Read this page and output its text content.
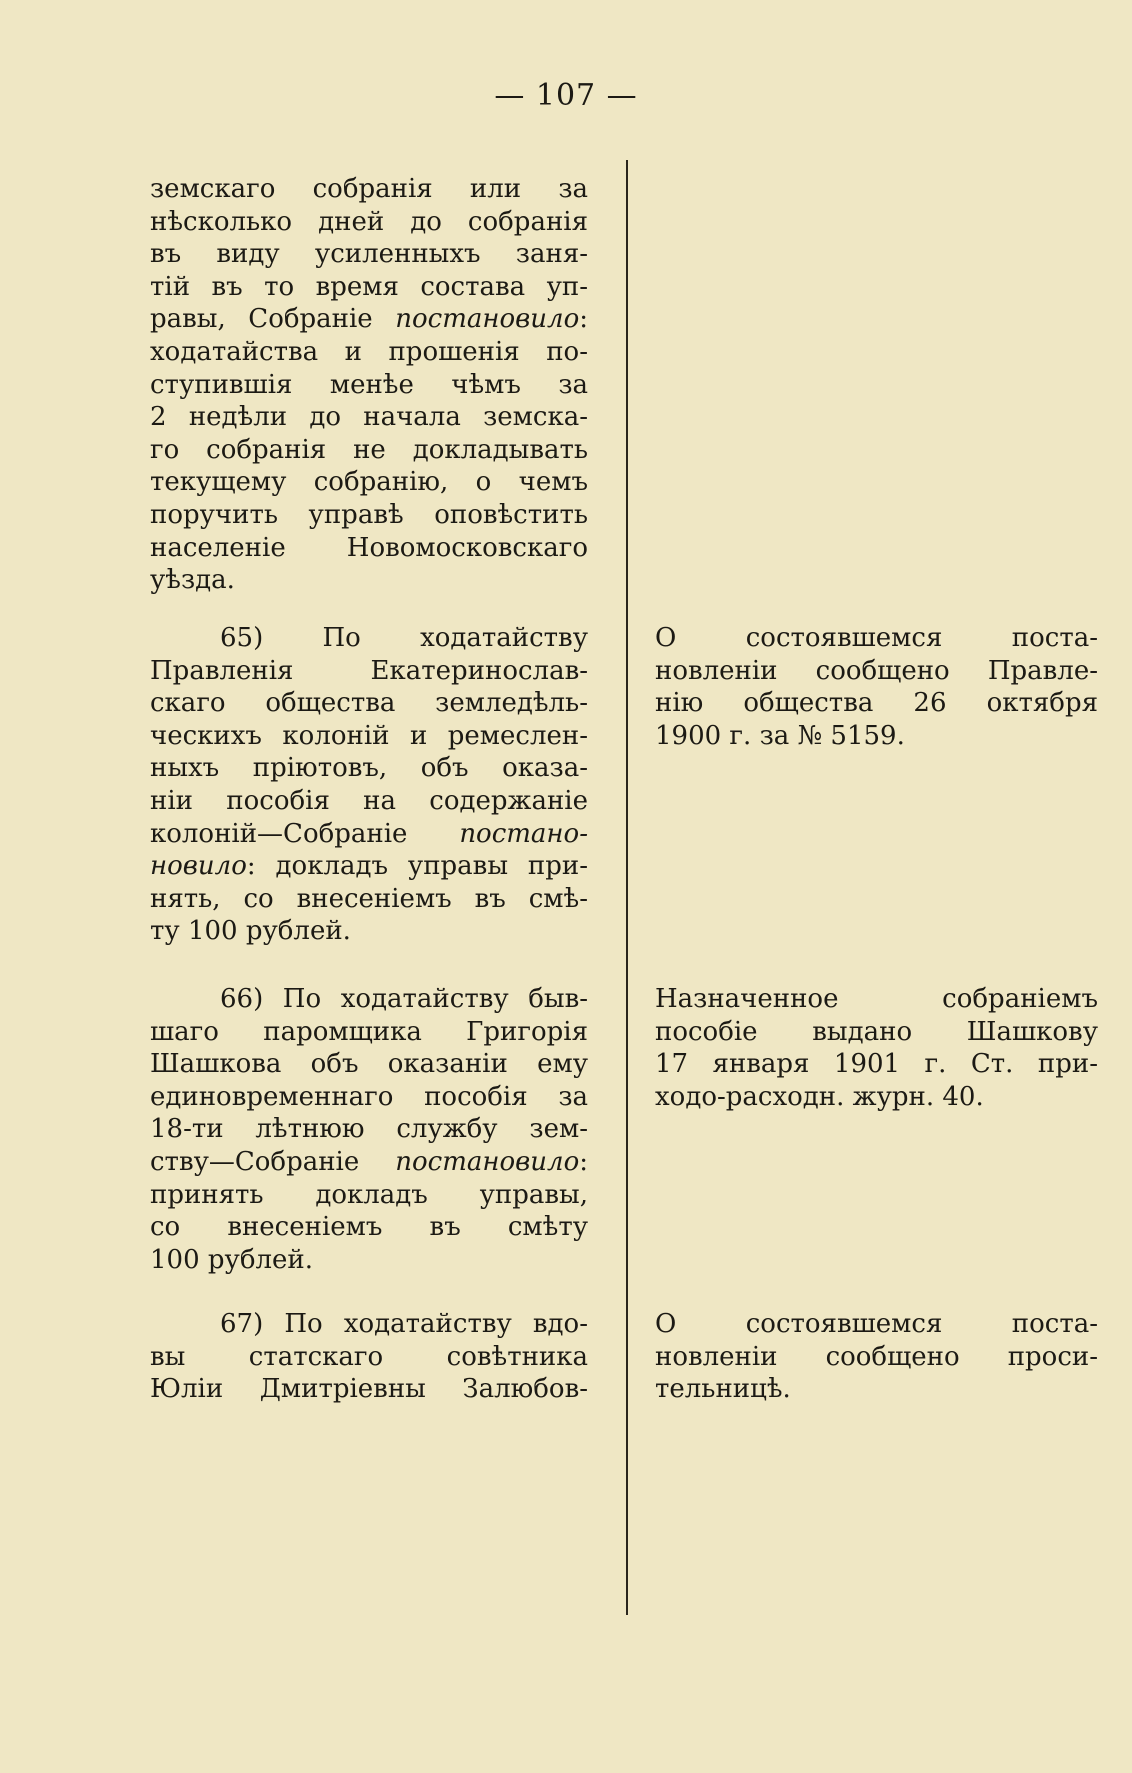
— 107 —
земскаго собранія или за
нѣсколько дней до собранія
въ виду усиленныхъ заня-
тій въ то время состава уп-
равы, Собраніе постановило:
ходатайства и прошенія по-
ступившія менѣе чѣмъ за
2 недѣли до начала земска-
го собранія не докладывать
текущему собранію, о чемъ
поручить управѣ оповѣстить
населеніе Новомосковскаго
уѣзда.
65) По ходатайству
Правленія Екатеринослав-
скаго общества земледѣль-
ческихъ колоній и ремеслен-
ныхъ пріютовъ, объ оказа-
ніи пособія на содержаніе
колоній—Собраніе постано-
новило: докладъ управы при-
нять, со внесеніемъ въ смѣ-
ту 100 рублей.
66) По ходатайству быв-
шаго паромщика Григорія
Шашкова объ оказаніи ему
единовременнаго пособія за
18-ти лѣтнюю службу зем-
ству—Собраніе постановило:
принять докладъ управы,
со внесеніемъ въ смѣту
100 рублей.
67) По ходатайству вдо-
вы статскаго совѣтника
Юліи Дмитріевны Залюбов-
О состоявшемся поста-
новленіи сообщено Правле-
нію общества 26 октября
1900 г. за № 5159.
Назначенное собраніемъ
пособіе выдано Шашкову
17 января 1901 г. Ст. при-
ходо-расходн. журн. 40.
О состоявшемся поста-
новленіи сообщено проси-
тельницѣ.
